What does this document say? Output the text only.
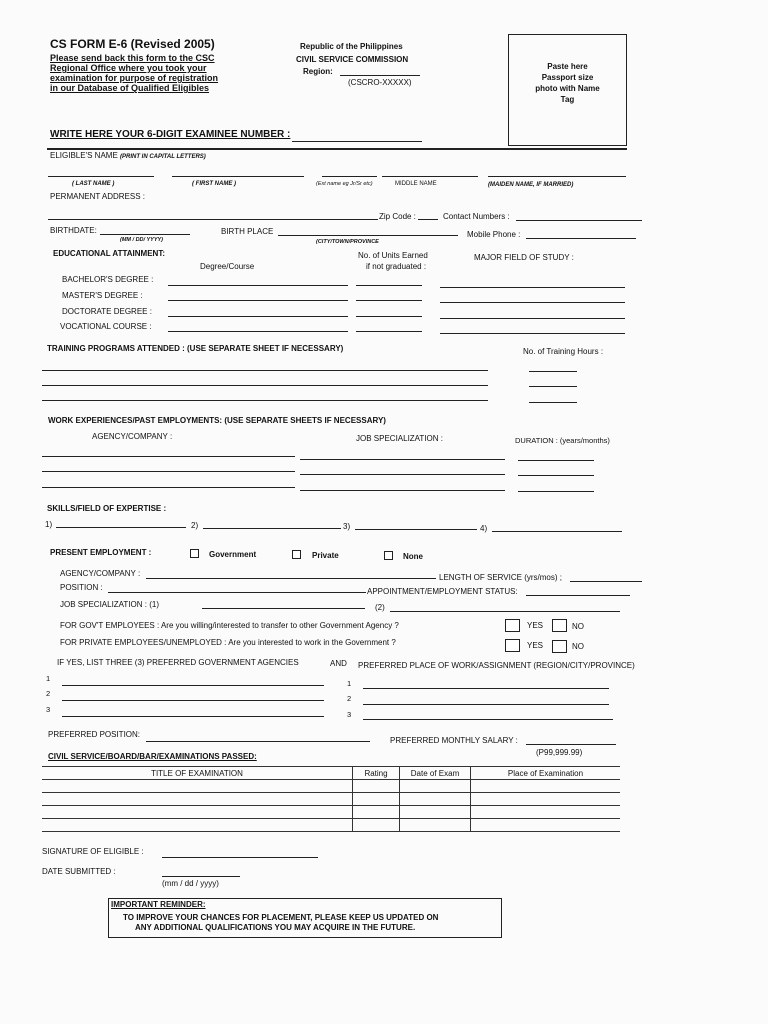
CS FORM E-6 (Revised 2005)
Please send back this form to the CSC
Regional Office where you took your
examination for purpose of registration
in our Database of Qualified Eligibles
Republic of the Philippines
CIVIL SERVICE COMMISSION
Region:
(CSCRO-XXXXX)
Paste here
Passport size
photo with Name
Tag
WRITE HERE YOUR 6-DIGIT EXAMINEE NUMBER :
ELIGIBLE'S NAME (PRINT IN CAPITAL LETTERS)
( LAST NAME )	( FIRST NAME )	(Ext name eg Jr/Sr etc)	MIDDLE NAME	(MAIDEN NAME, IF MARRIED)
PERMANENT ADDRESS :
Zip Code :	Contact Numbers :
BIRTHDATE:
(MM / DD/ YYYY)
BIRTH PLACE
(CITY/TOWN/PROVINCE
Mobile Phone :
EDUCATIONAL ATTAINMENT:
Degree/Course
No. of Units Earned
if not graduated :
MAJOR FIELD OF STUDY :
BACHELOR'S DEGREE :
MASTER'S DEGREE :
DOCTORATE DEGREE :
VOCATIONAL COURSE :
TRAINING PROGRAMS ATTENDED : (USE SEPARATE SHEET IF NECESSARY)	No. of Training Hours :
WORK EXPERIENCES/PAST EMPLOYMENTS: (USE SEPARATE SHEETS IF NECESSARY)
AGENCY/COMPANY :	JOB SPECIALIZATION :	DURATION : (years/months)
SKILLS/FIELD OF EXPERTISE :
1)	2)	3)	4)
PRESENT EMPLOYMENT :	Government	Private	None
AGENCY/COMPANY :	LENGTH OF SERVICE (yrs/mos) ;
POSITION :	APPOINTMENT/EMPLOYMENT STATUS:
JOB SPECIALIZATION : (1)	(2)
FOR GOV'T EMPLOYEES : Are you willing/interested to transfer to other Government Agency ?	YES	NO
FOR PRIVATE EMPLOYEES/UNEMPLOYED : Are you interested to work in the Government ?	YES	NO
IF YES, LIST THREE (3) PREFERRED GOVERNMENT AGENCIES	AND PREFERRED PLACE OF WORK/ASSIGNMENT (REGION/CITY/PROVINCE)
1
2
3
1
2
3
PREFERRED POSITION:
PREFERRED MONTHLY SALARY :
(P99,999.99)
CIVIL SERVICE/BOARD/BAR/EXAMINATIONS PASSED:
TITLE OF EXAMINATION	Rating	Date of Exam	Place of Examination

SIGNATURE OF ELIGIBLE :
DATE SUBMITTED :
(mm / dd / yyyy)
IMPORTANT REMINDER:
TO IMPROVE YOUR CHANCES FOR PLACEMENT, PLEASE KEEP US UPDATED ON
ANY ADDITIONAL QUALIFICATIONS YOU MAY ACQUIRE IN THE FUTURE.
